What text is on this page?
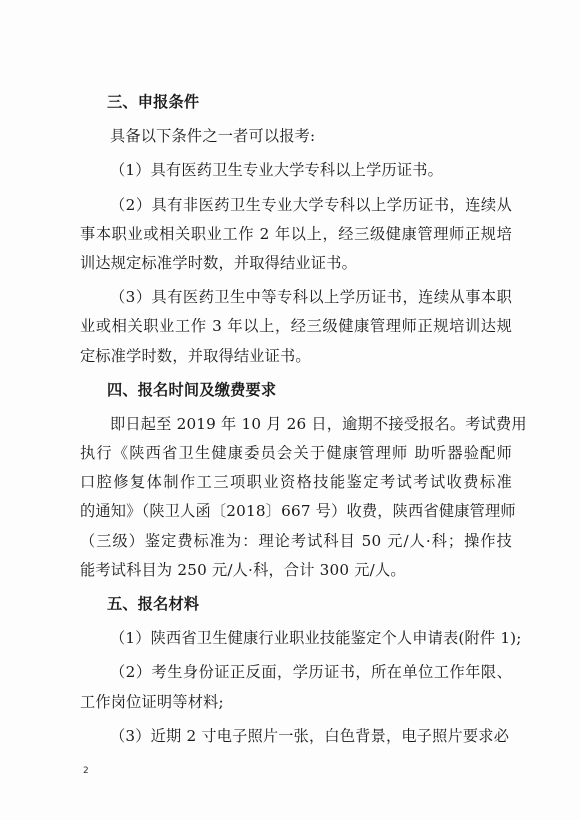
三、申报条件
具备以下条件之一者可以报考:
（1）具有医药卫生专业大学专科以上学历证书。
（2）具有非医药卫生专业大学专科以上学历证书，连续从
事本职业或相关职业工作 2 年以上，经三级健康管理师正规培
训达规定标准学时数，并取得结业证书。
（3）具有医药卫生中等专科以上学历证书，连续从事本职
业或相关职业工作 3 年以上，经三级健康管理师正规培训达规
定标准学时数，并取得结业证书。
四、报名时间及缴费要求
即日起至 2019 年 10 月 26 日，逾期不接受报名。考试费用
执行《陕西省卫生健康委员会关于健康管理师 助听器验配师
口腔修复体制作工三项职业资格技能鉴定考试考试收费标准
的通知》（陕卫人函〔2018〕667 号）收费，陕西省健康管理师
（三级）鉴定费标准为：理论考试科目 50 元/人·科；操作技
能考试科目为 250 元/人·科，合计 300 元/人。
五、报名材料
（1）陕西省卫生健康行业职业技能鉴定个人申请表(附件 1);
（2）考生身份证正反面，学历证书，所在单位工作年限、
工作岗位证明等材料;
（3）近期 2 寸电子照片一张，白色背景，电子照片要求必
2
